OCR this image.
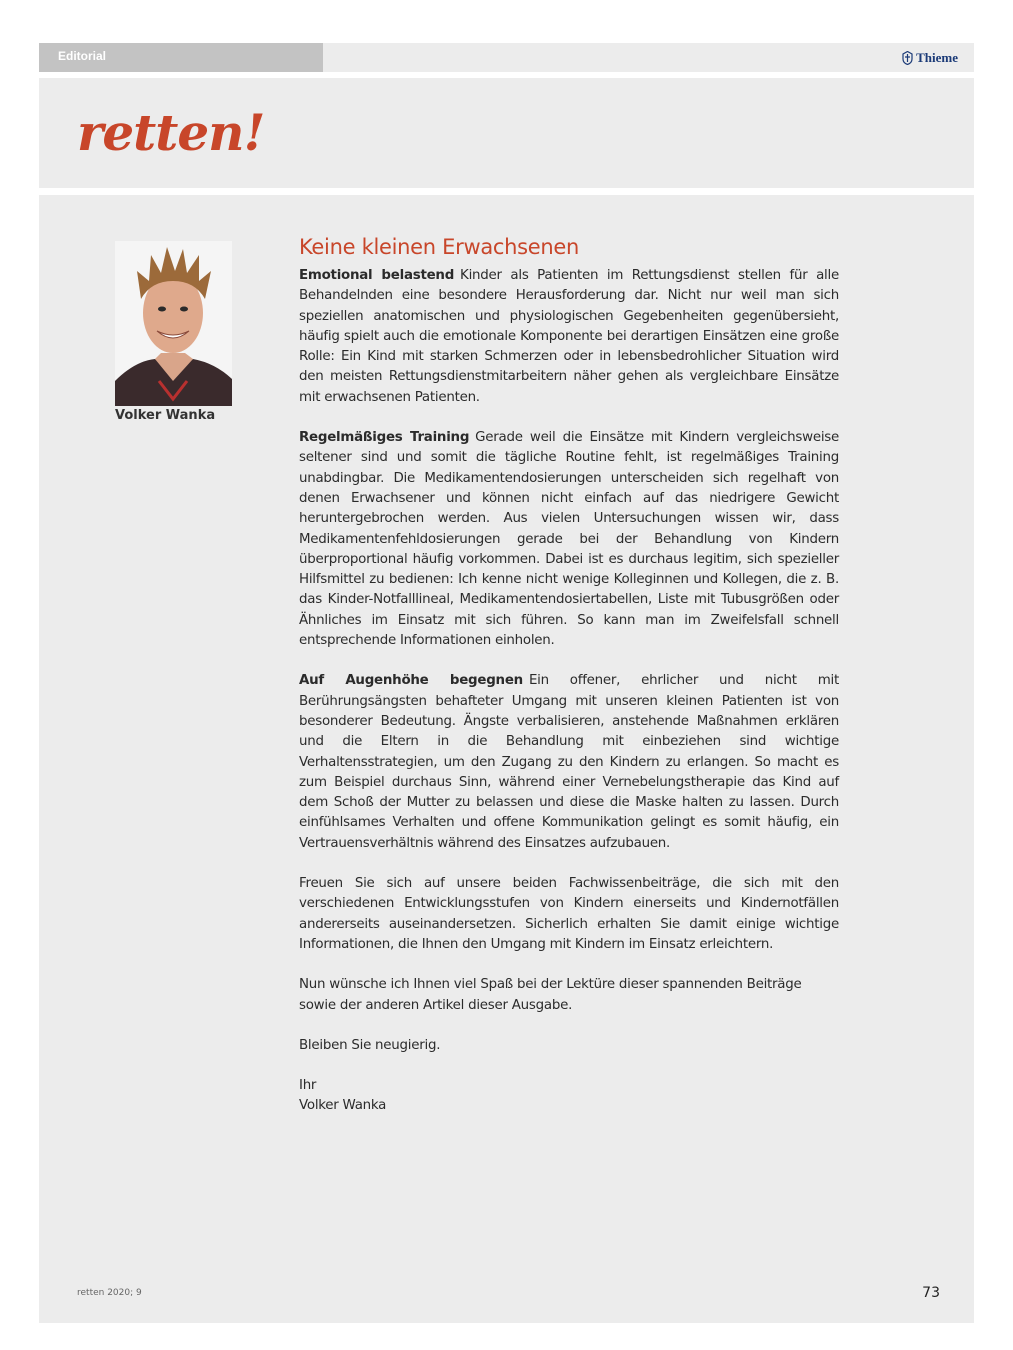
Editorial	Thieme
retten!
Volker Wanka
Keine kleinen Erwachsenen

Emotional belastend Kinder als Patienten im Rettungsdienst stellen für alle Behandelnden eine besondere Herausforderung dar. Nicht nur weil man sich speziellen anatomischen und physiologischen Gegebenheiten gegenübersieht, häufig spielt auch die emotionale Komponente bei derartigen Einsätzen eine große Rolle: Ein Kind mit starken Schmerzen oder in lebensbedrohlicher Situation wird den meisten Rettungsdienstmitarbeitern näher gehen als vergleichbare Einsätze mit erwachsenen Patienten.

Regelmäßiges Training Gerade weil die Einsätze mit Kindern vergleichsweise seltener sind und somit die tägliche Routine fehlt, ist regelmäßiges Training unabdingbar. Die Medikamentendosierungen unterscheiden sich regelhaft von denen Erwachsener und können nicht einfach auf das niedrigere Gewicht heruntergebrochen werden. Aus vielen Untersuchungen wissen wir, dass Medikamentenfehldosierungen gerade bei der Behandlung von Kindern überproportional häufig vorkommen. Dabei ist es durchaus legitim, sich spezieller Hilfsmittel zu bedienen: Ich kenne nicht wenige Kolleginnen und Kollegen, die z. B. das Kinder-Notfalllineal, Medikamentendosiertabellen, Liste mit Tubusgrößen oder Ähnliches im Einsatz mit sich führen. So kann man im Zweifelsfall schnell entsprechende Informationen einholen.

Auf Augenhöhe begegnen Ein offener, ehrlicher und nicht mit Berührungsängsten behafteter Umgang mit unseren kleinen Patienten ist von besonderer Bedeutung. Ängste verbalisieren, anstehende Maßnahmen erklären und die Eltern in die Behandlung mit einbeziehen sind wichtige Verhaltensstrategien, um den Zugang zu den Kindern zu erlangen. So macht es zum Beispiel durchaus Sinn, während einer Vernebelungstherapie das Kind auf dem Schoß der Mutter zu belassen und diese die Maske halten zu lassen. Durch einfühlsames Verhalten und offene Kommunikation gelingt es somit häufig, ein Vertrauensverhältnis während des Einsatzes aufzubauen.

Freuen Sie sich auf unsere beiden Fachwissenbeiträge, die sich mit den verschiedenen Entwicklungsstufen von Kindern einerseits und Kindernotfällen andererseits auseinandersetzen. Sicherlich erhalten Sie damit einige wichtige Informationen, die Ihnen den Umgang mit Kindern im Einsatz erleichtern.

Nun wünsche ich Ihnen viel Spaß bei der Lektüre dieser spannenden Beiträge sowie der anderen Artikel dieser Ausgabe.

Bleiben Sie neugierig.

Ihr
Volker Wanka

retten 2020; 9	73
